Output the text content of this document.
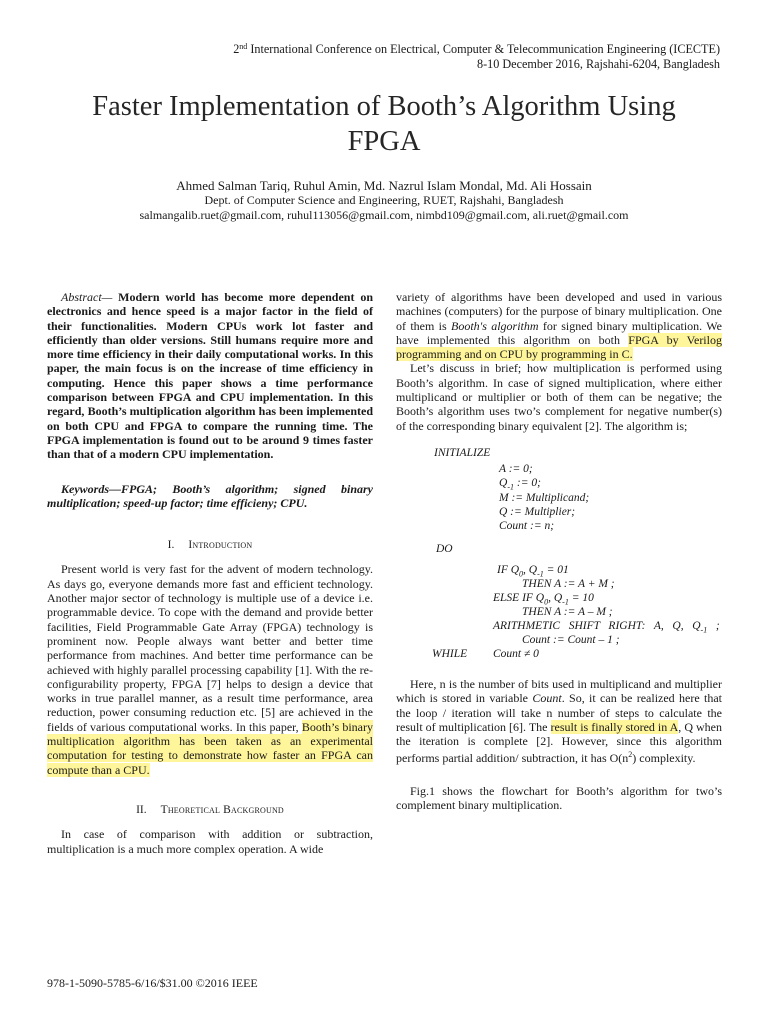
2nd International Conference on Electrical, Computer & Telecommunication Engineering (ICECTE)
8-10 December 2016, Rajshahi-6204, Bangladesh
Faster Implementation of Booth’s Algorithm Using
FPGA
Ahmed Salman Tariq, Ruhul Amin, Md. Nazrul Islam Mondal, Md. Ali Hossain
Dept. of Computer Science and Engineering, RUET, Rajshahi, Bangladesh
salmangalib.ruet@gmail.com, ruhul113056@gmail.com, nimbd109@gmail.com, ali.ruet@gmail.com

Abstract— Modern world has become more dependent on electronics and hence speed is a major factor in the field of their functionalities. Modern CPUs work lot faster and efficiently than older versions. Still humans require more and more time efficiency in their daily computational works. In this paper, the main focus is on the increase of time efficiency in computing. Hence this paper shows a time performance comparison between FPGA and CPU implementation. In this regard, Booth’s multiplication algorithm has been implemented on both CPU and FPGA to compare the running time. The FPGA implementation is found out to be around 9 times faster than that of a modern CPU implementation.

Keywords—FPGA; Booth’s algorithm; signed binary multiplication; speed-up factor; time efficieny; CPU.

I. Introduction

Present world is very fast for the advent of modern technology. As days go, everyone demands more fast and efficient technology. Another major sector of technology is multiple use of a device i.e. programmable device. To cope with the demand and provide better facilities, Field Programmable Gate Array (FPGA) technology is prominent now. People always want better and better time performance from machines. And better time performance can be achieved with highly parallel processing capability [1]. With the re-configurability property, FPGA [7] helps to design a device that works in true parallel manner, as a result time performance, area reduction, power consuming reduction etc. [5] are achieved in the fields of various computational works. In this paper, Booth’s binary multiplication algorithm has been taken as an experimental computation for testing to demonstrate how faster an FPGA can compute than a CPU.

II. Theoretical Background

In case of comparison with addition or subtraction, multiplication is a much more complex operation. A wide

variety of algorithms have been developed and used in various machines (computers) for the purpose of binary multiplication. One of them is Booth's algorithm for signed binary multiplication. We have implemented this algorithm on both FPGA by Verilog programming and on CPU by programming in C.

Let’s discuss in brief; how multiplication is performed using Booth’s algorithm. In case of signed multiplication, where either multiplicand or multiplier or both of them can be negative; the Booth’s algorithm uses two’s complement for negative number(s) of the corresponding binary equivalent [2]. The algorithm is;

INITIALIZE
A := 0;
$Q_{-1}$ := 0;
M := Multiplicand;
Q := Multiplier;
Count := n;
DO
IF $Q_0$, $Q_{-1} = 01$
THEN A := A + M ;
ELSE IF $Q_0$, $Q_{-1} = 10$
THEN A := A – M ;
ARITHMETIC   SHIFT   RIGHT:   A,   Q,   $Q_{-1}$   ;
Count := Count – 1 ;
WHILE Count ≠ 0

Here, n is the number of bits used in multiplicand and multiplier which is stored in variable Count. So, it can be realized here that the loop / iteration will take n number of steps to calculate the result of multiplication [6]. The result is finally stored in A, Q when the iteration is complete [2]. However, since this algorithm performs partial addition/ subtraction, it has $O(n^2)$ complexity.

Fig.1 shows the flowchart for Booth’s algorithm for two’s complement binary multiplication.

978-1-5090-5785-6/16/$31.00 ©2016 IEEE
